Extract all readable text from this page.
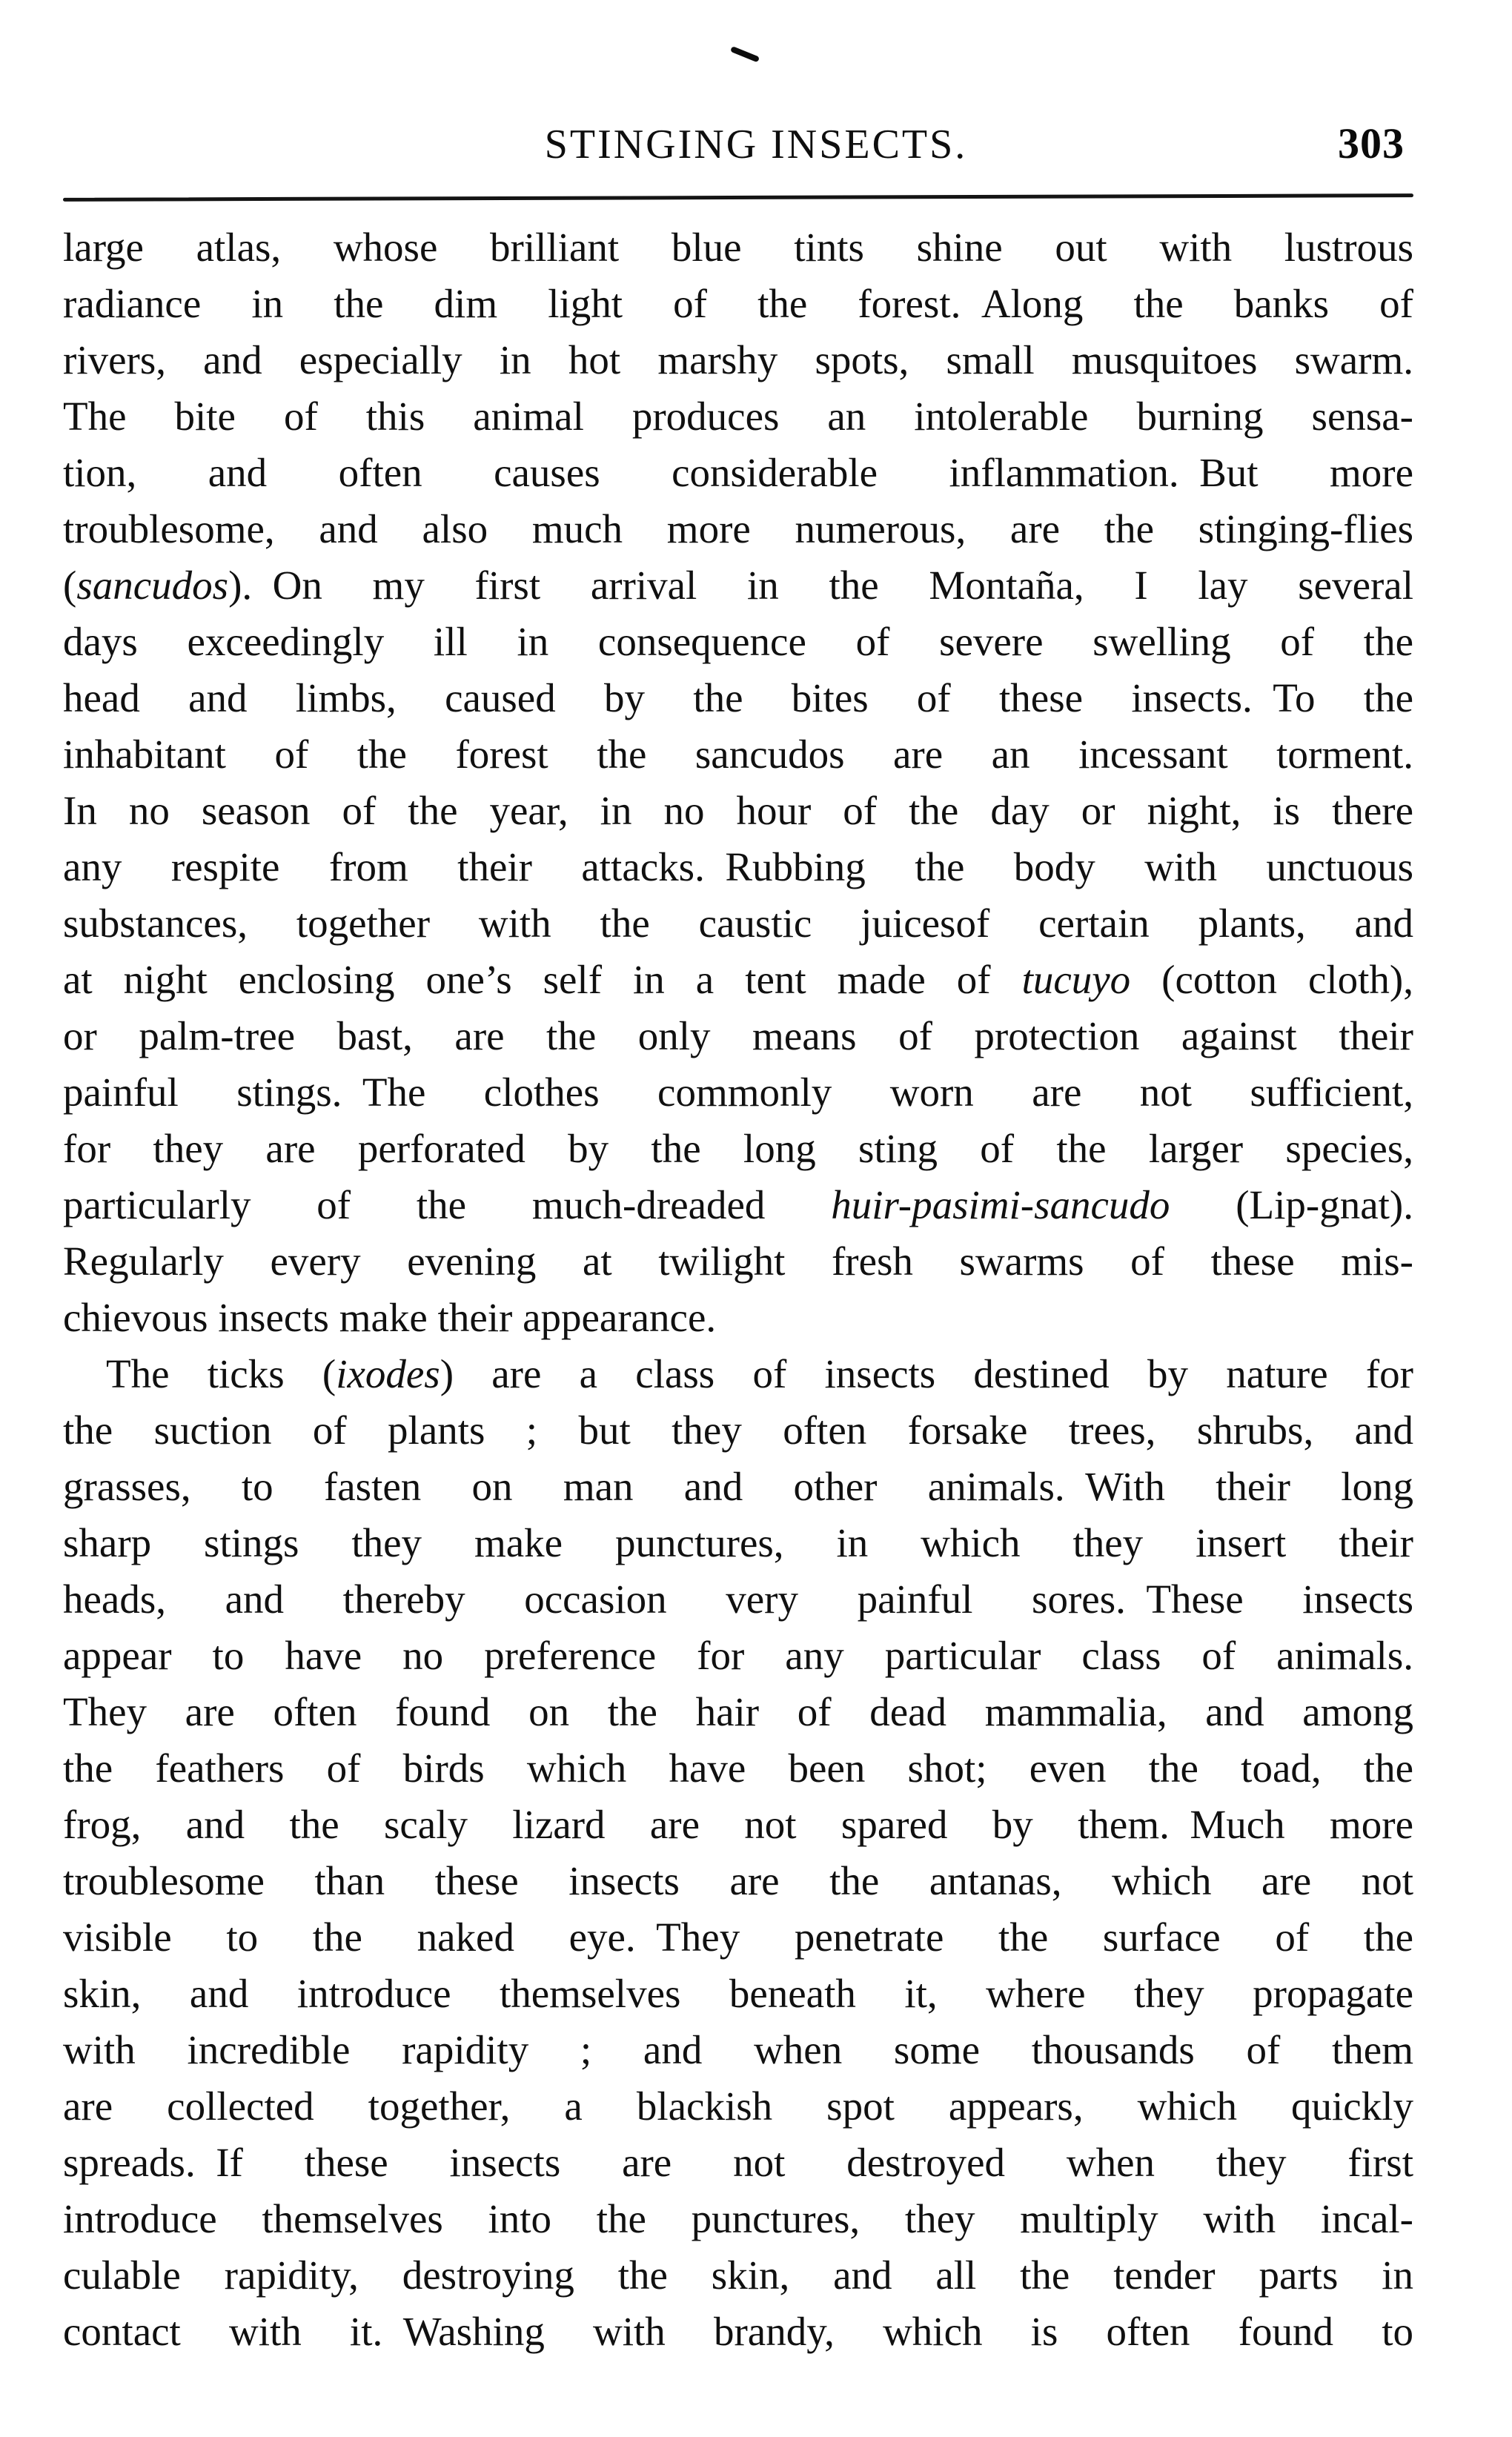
STINGING INSECTS.	303
large atlas, whose brilliant blue tints shine out with lustrous
radiance in the dim light of the forest. Along the banks of
rivers, and especially in hot marshy spots, small musquitoes swarm.
The bite of this animal produces an intolerable burning sensa-
tion, and often causes considerable inflammation. But more
troublesome, and also much more numerous, are the stinging-flies
(sancudos). On my first arrival in the Montaña, I lay several
days exceedingly ill in consequence of severe swelling of the
head and limbs, caused by the bites of these insects. To the
inhabitant of the forest the sancudos are an incessant torment.
In no season of the year, in no hour of the day or night, is there
any respite from their attacks. Rubbing the body with unctuous
substances, together with the caustic juicesof certain plants, and
at night enclosing one’s self in a tent made of tucuyo (cotton cloth),
or palm-tree bast, are the only means of protection against their
painful stings. The clothes commonly worn are not sufficient,
for they are perforated by the long sting of the larger species,
particularly of the much-dreaded huir-pasimi-sancudo (Lip-gnat).
Regularly every evening at twilight fresh swarms of these mis-
chievous insects make their appearance.
The ticks (ixodes) are a class of insects destined by nature for
the suction of plants ; but they often forsake trees, shrubs, and
grasses, to fasten on man and other animals. With their long
sharp stings they make punctures, in which they insert their
heads, and thereby occasion very painful sores. These insects
appear to have no preference for any particular class of animals.
They are often found on the hair of dead mammalia, and among
the feathers of birds which have been shot; even the toad, the
frog, and the scaly lizard are not spared by them. Much more
troublesome than these insects are the antanas, which are not
visible to the naked eye. They penetrate the surface of the
skin, and introduce themselves beneath it, where they propagate
with incredible rapidity ; and when some thousands of them
are collected together, a blackish spot appears, which quickly
spreads. If these insects are not destroyed when they first
introduce themselves into the punctures, they multiply with incal-
culable rapidity, destroying the skin, and all the tender parts in
contact with it. Washing with brandy, which is often found to
